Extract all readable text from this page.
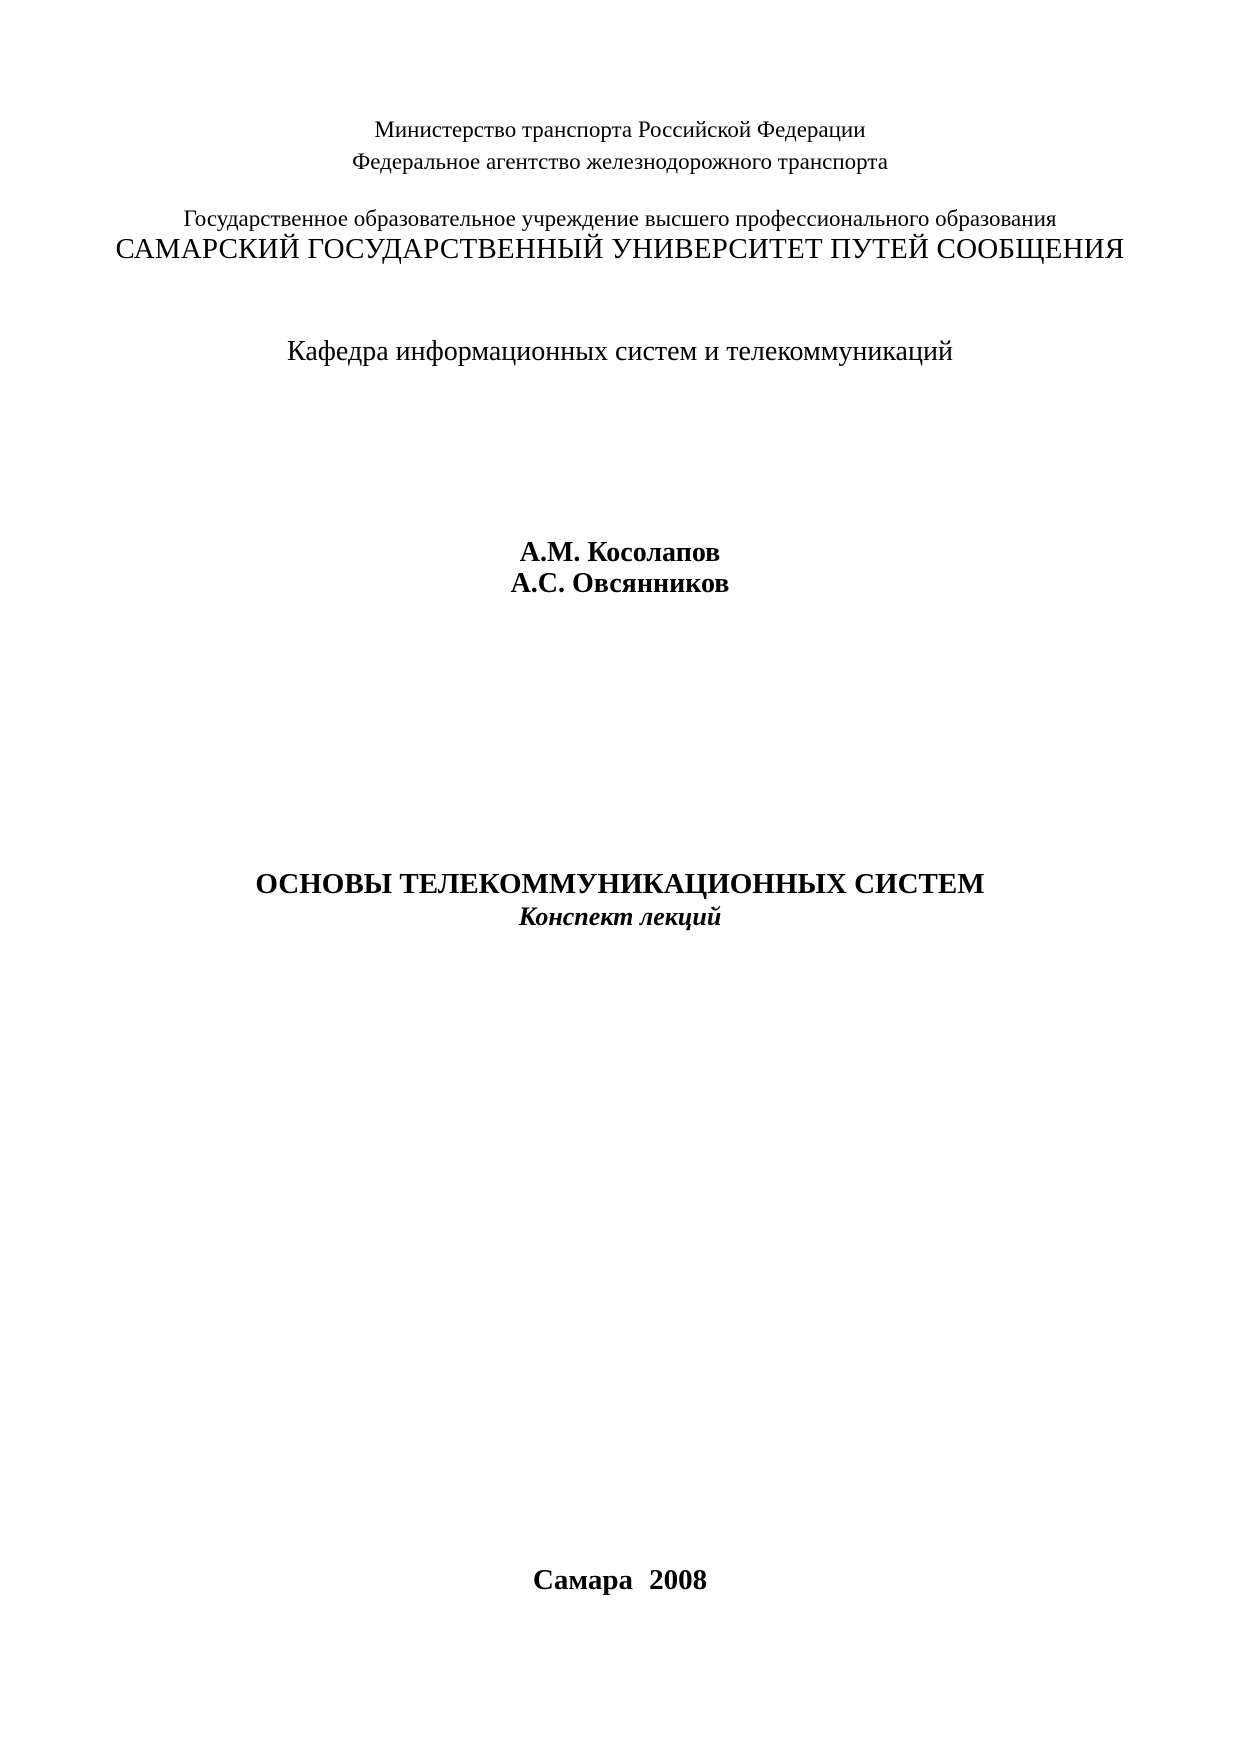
Министерство транспорта Российской Федерации
Федеральное агентство железнодорожного транспорта
Государственное образовательное учреждение высшего профессионального образования
САМАРСКИЙ ГОСУДАРСТВЕННЫЙ УНИВЕРСИТЕТ ПУТЕЙ СООБЩЕНИЯ
Кафедра информационных систем и телекоммуникаций
А.М. Косолапов
А.С. Овсянников
ОСНОВЫ ТЕЛЕКОММУНИКАЦИОННЫХ СИСТЕМ
Конспект лекций
Самара 2008
